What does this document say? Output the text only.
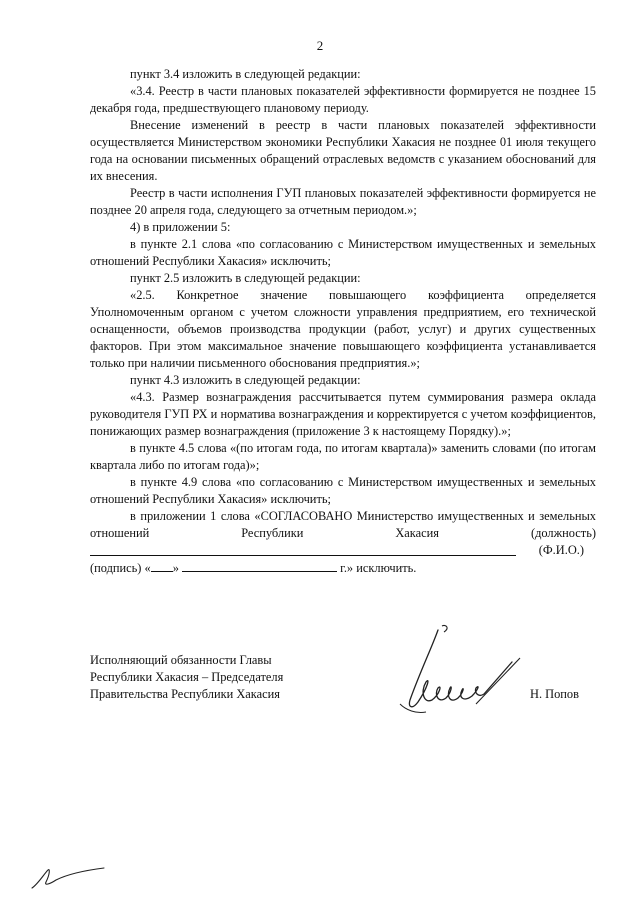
2

пункт 3.4 изложить в следующей редакции:

«3.4. Реестр в части плановых показателей эффективности формируется не позднее 15 декабря года, предшествующего плановому периоду.

Внесение изменений в реестр в части плановых показателей эффективности осуществляется Министерством экономики Республики Хакасия не позднее 01 июля текущего года на основании письменных обращений отраслевых ведомств с указанием обоснований для их внесения.

Реестр в части исполнения ГУП плановых показателей эффективности формируется не позднее 20 апреля года, следующего за отчетным периодом.»;

4) в приложении 5:

в пункте 2.1 слова «по согласованию с Министерством имущественных и земельных отношений Республики Хакасия» исключить;

пункт 2.5 изложить в следующей редакции:

«2.5. Конкретное значение повышающего коэффициента определяется Уполномоченным органом с учетом сложности управления предприятием, его технической оснащенности, объемов производства продукции (работ, услуг) и других существенных факторов. При этом максимальное значение повышающего коэффициента устанавливается только при наличии письменного обоснования предприятия.»;

пункт 4.3 изложить в следующей редакции:

«4.3. Размер вознаграждения рассчитывается путем суммирования размера оклада руководителя ГУП РХ и норматива вознаграждения и корректируется с учетом коэффициентов, понижающих размер вознаграждения (приложение 3 к настоящему Порядку).»;

в пункте 4.5 слова «(по итогам года, по итогам квартала)» заменить словами (по итогам квартала либо по итогам года)»;

в пункте 4.9 слова «по согласованию с Министерством имущественных и земельных отношений Республики Хакасия» исключить;

в приложении 1 слова «СОГЛАСОВАНО Министерство имущественных и земельных отношений Республики Хакасия (должность)

(Ф.И.О.)
(подпись) « »	г.» исключить.
Исполняющий обязанности Главы
Республики Хакасия – Председателя
Правительства Республики Хакасия	Н. Попов
